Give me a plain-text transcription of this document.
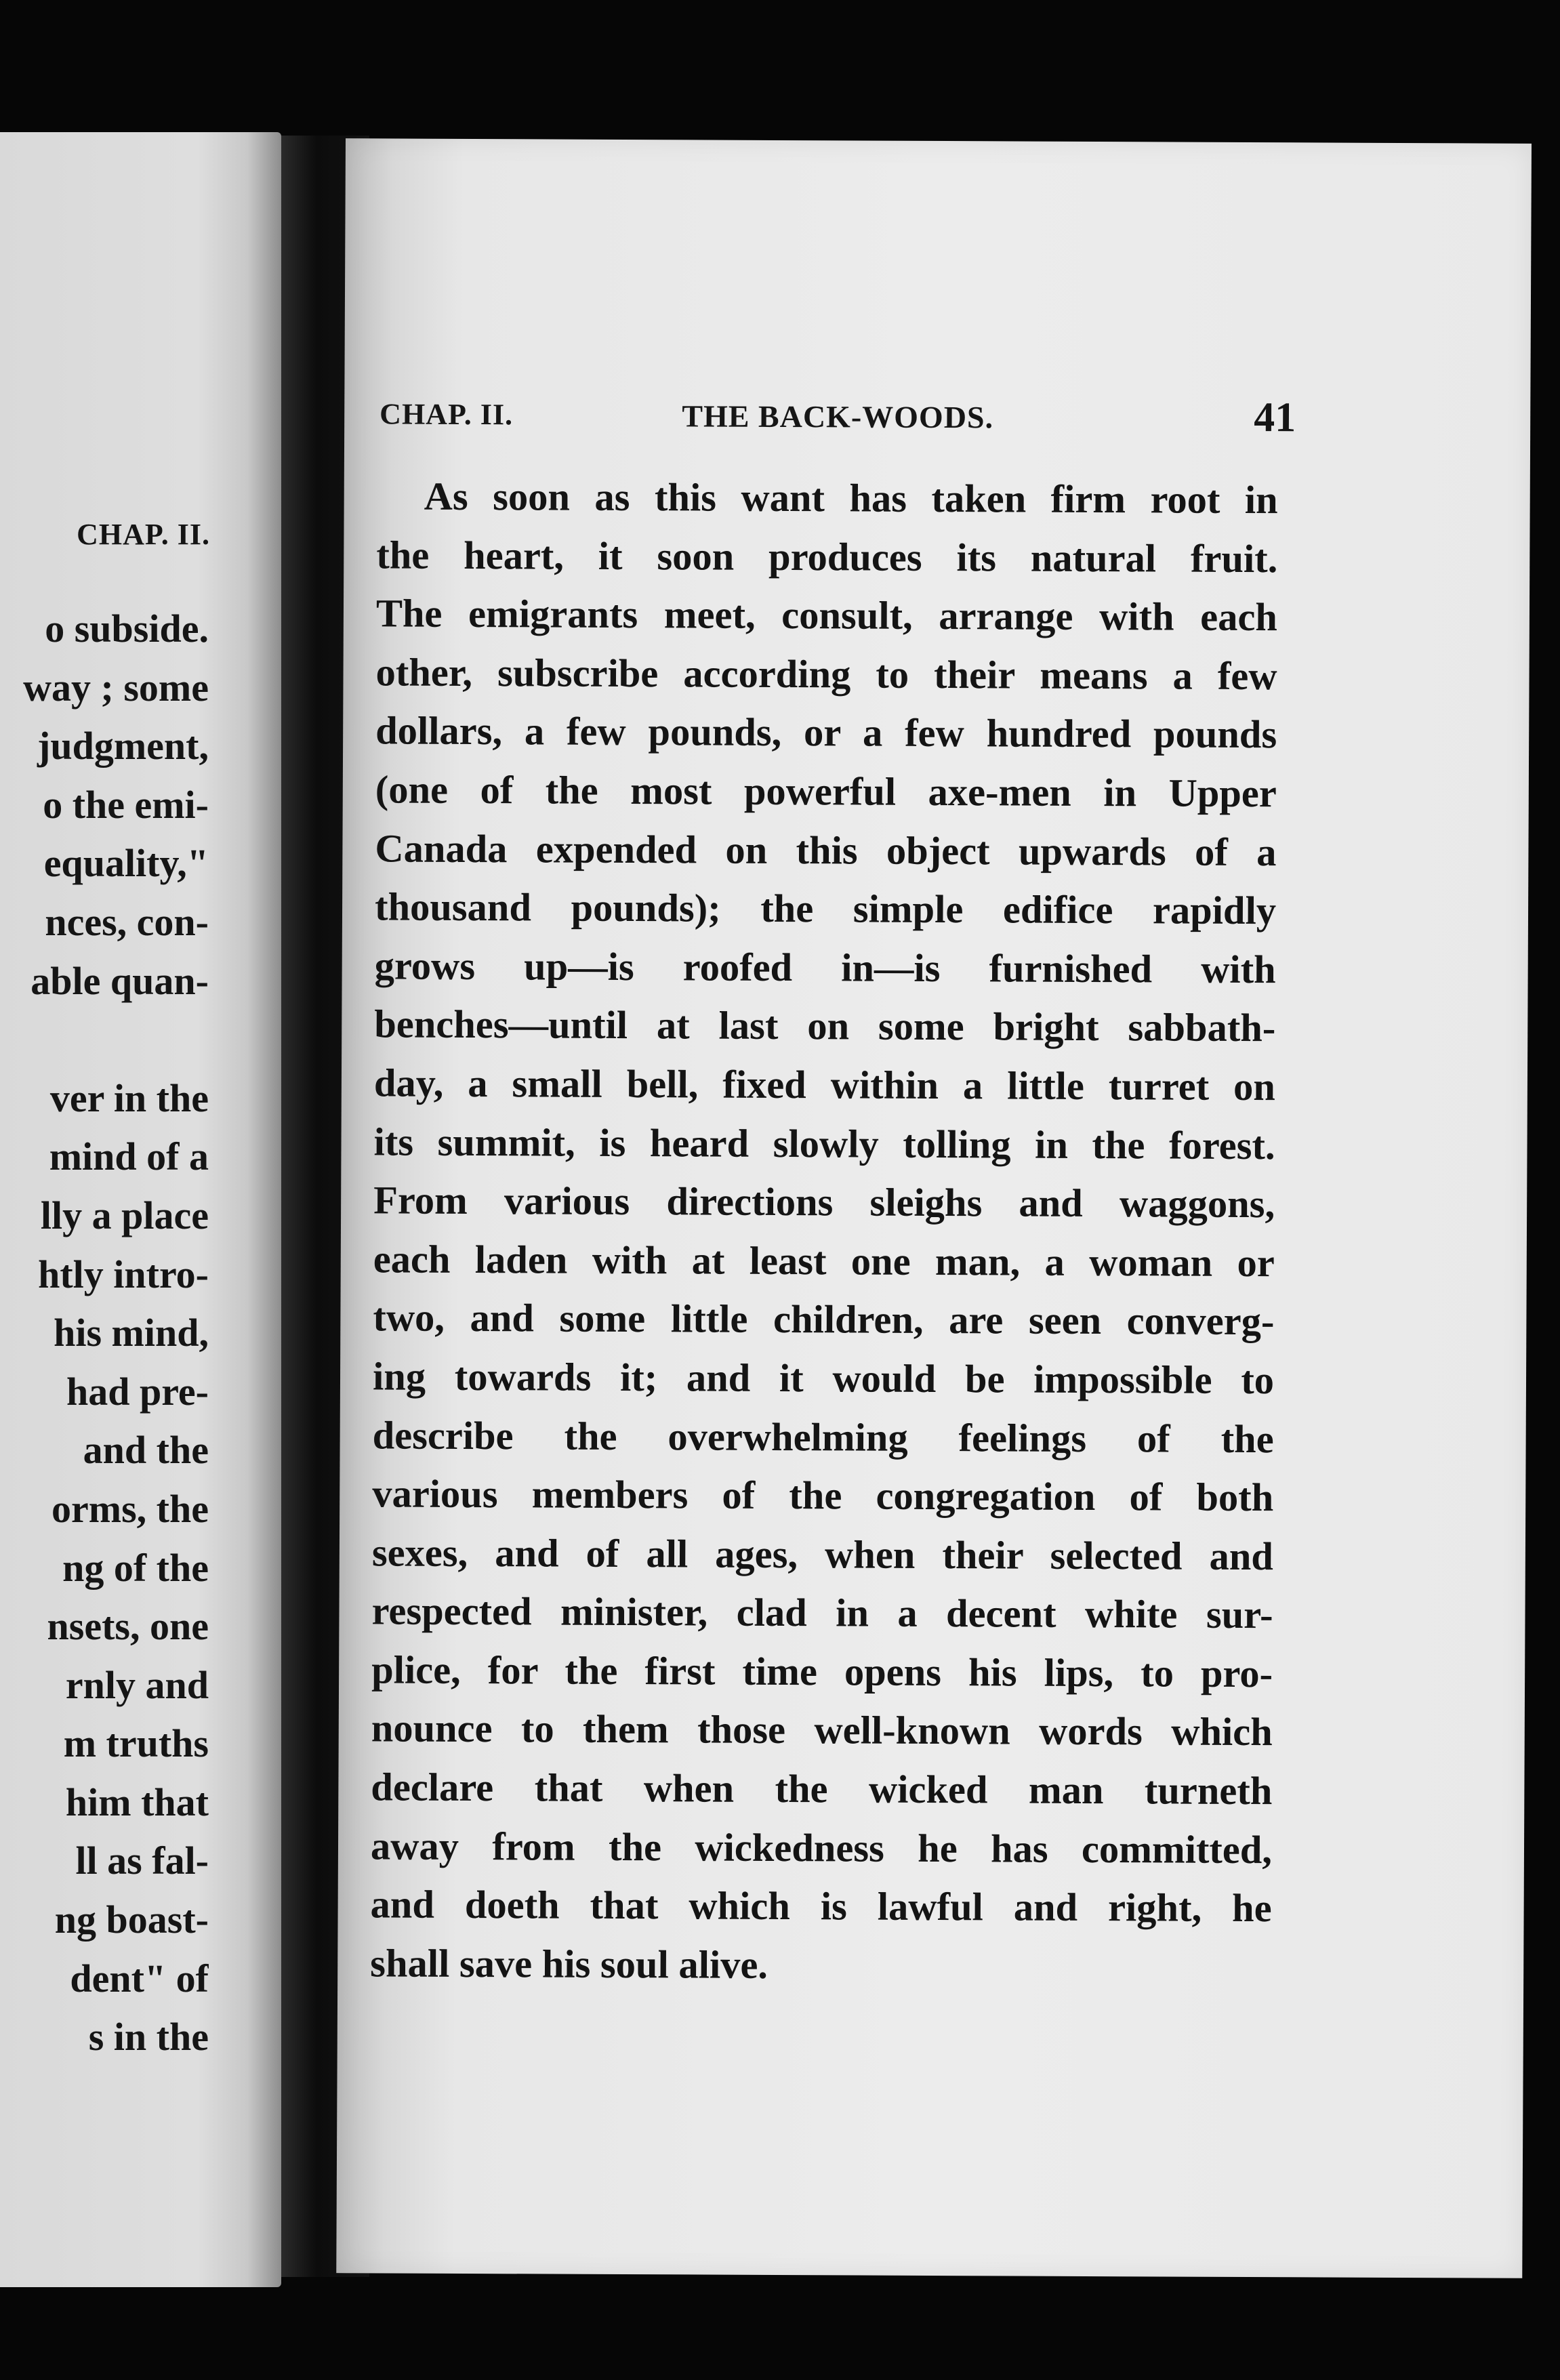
CHAP. II.
o subside.
way ; some
judgment,
o the emi-
equality,"
nces, con-
able quan-
ver in the
mind of a
lly a place
htly intro-
his mind,
had pre-
and the
orms, the
ng of the
nsets, one
rnly and
m truths
him that
ll as fal-
ng boast-
dent" of
s in the
CHAP. II.	THE BACK-WOODS.	41
As soon as this want has taken firm root in
the heart, it soon produces its natural fruit.
The emigrants meet, consult, arrange with each
other, subscribe according to their means a few
dollars, a few pounds, or a few hundred pounds
(one of the most powerful axe-men in Upper
Canada expended on this object upwards of a
thousand pounds); the simple edifice rapidly
grows up—is roofed in—is furnished with
benches—until at last on some bright sabbath-
day, a small bell, fixed within a little turret on
its summit, is heard slowly tolling in the forest.
From various directions sleighs and waggons,
each laden with at least one man, a woman or
two, and some little children, are seen converg-
ing towards it; and it would be impossible to
describe the overwhelming feelings of the
various members of the congregation of both
sexes, and of all ages, when their selected and
respected minister, clad in a decent white sur-
plice, for the first time opens his lips, to pro-
nounce to them those well-known words which
declare that when the wicked man turneth
away from the wickedness he has committed,
and doeth that which is lawful and right, he
shall save his soul alive.
